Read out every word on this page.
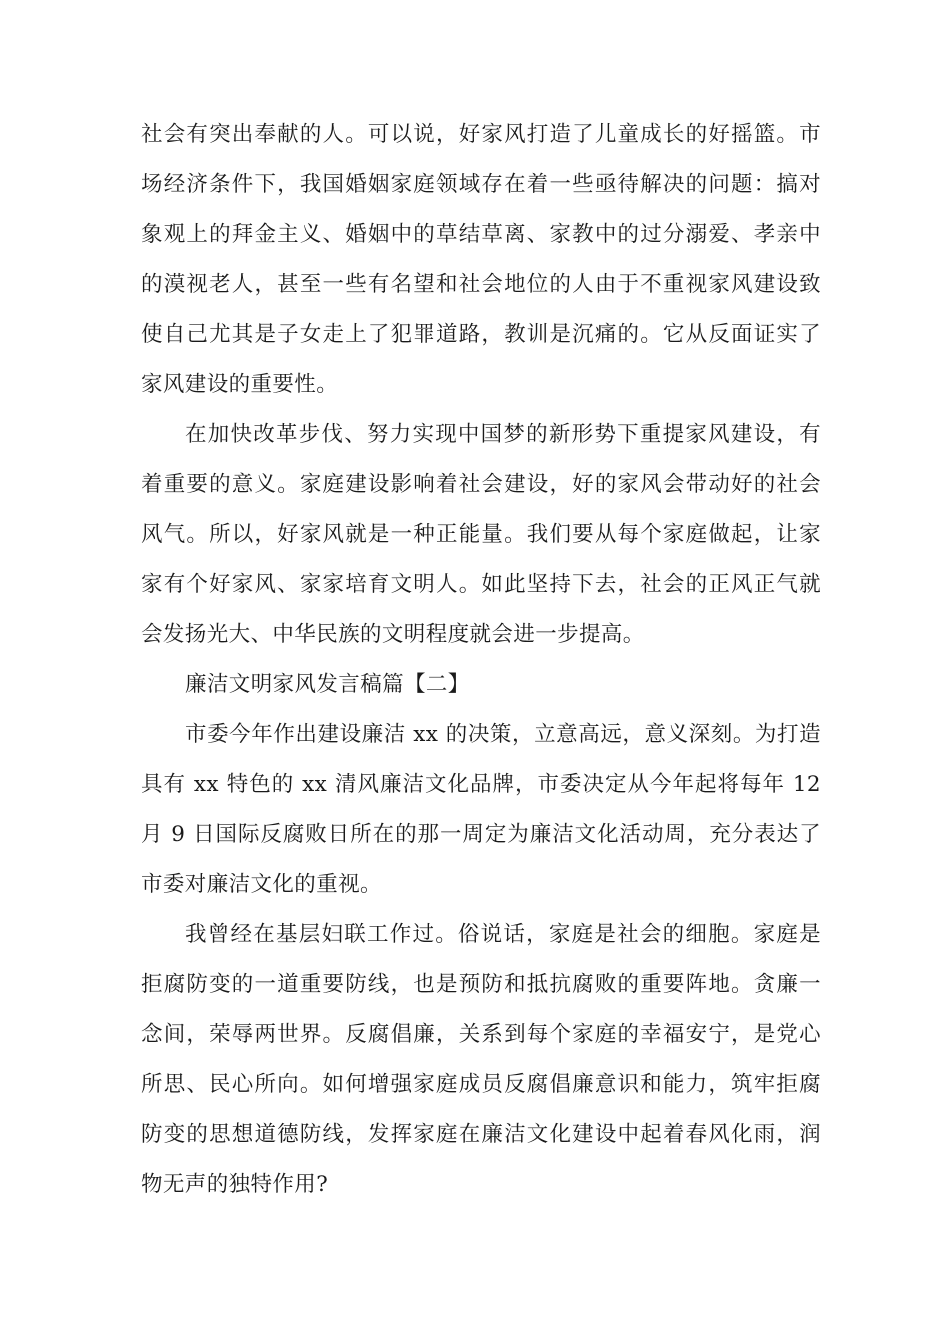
社会有突出奉献的人。可以说，好家风打造了儿童成长的好摇篮。市
场经济条件下，我国婚姻家庭领域存在着一些亟待解决的问题：搞对
象观上的拜金主义、婚姻中的草结草离、家教中的过分溺爱、孝亲中
的漠视老人，甚至一些有名望和社会地位的人由于不重视家风建设致
使自己尤其是子女走上了犯罪道路，教训是沉痛的。它从反面证实了
家风建设的重要性。
在加快改革步伐、努力实现中国梦的新形势下重提家风建设，有
着重要的意义。家庭建设影响着社会建设，好的家风会带动好的社会
风气。所以，好家风就是一种正能量。我们要从每个家庭做起，让家
家有个好家风、家家培育文明人。如此坚持下去，社会的正风正气就
会发扬光大、中华民族的文明程度就会进一步提高。
廉洁文明家风发言稿篇【二】
市委今年作出建设廉洁 xx 的决策，立意高远，意义深刻。为打造
具有 xx 特色的 xx 清风廉洁文化品牌，市委决定从今年起将每年 12
月 9 日国际反腐败日所在的那一周定为廉洁文化活动周，充分表达了
市委对廉洁文化的重视。
我曾经在基层妇联工作过。俗说话，家庭是社会的细胞。家庭是
拒腐防变的一道重要防线，也是预防和抵抗腐败的重要阵地。贪廉一
念间，荣辱两世界。反腐倡廉，关系到每个家庭的幸福安宁，是党心
所思、民心所向。如何增强家庭成员反腐倡廉意识和能力，筑牢拒腐
防变的思想道德防线，发挥家庭在廉洁文化建设中起着春风化雨，润
物无声的独特作用?
